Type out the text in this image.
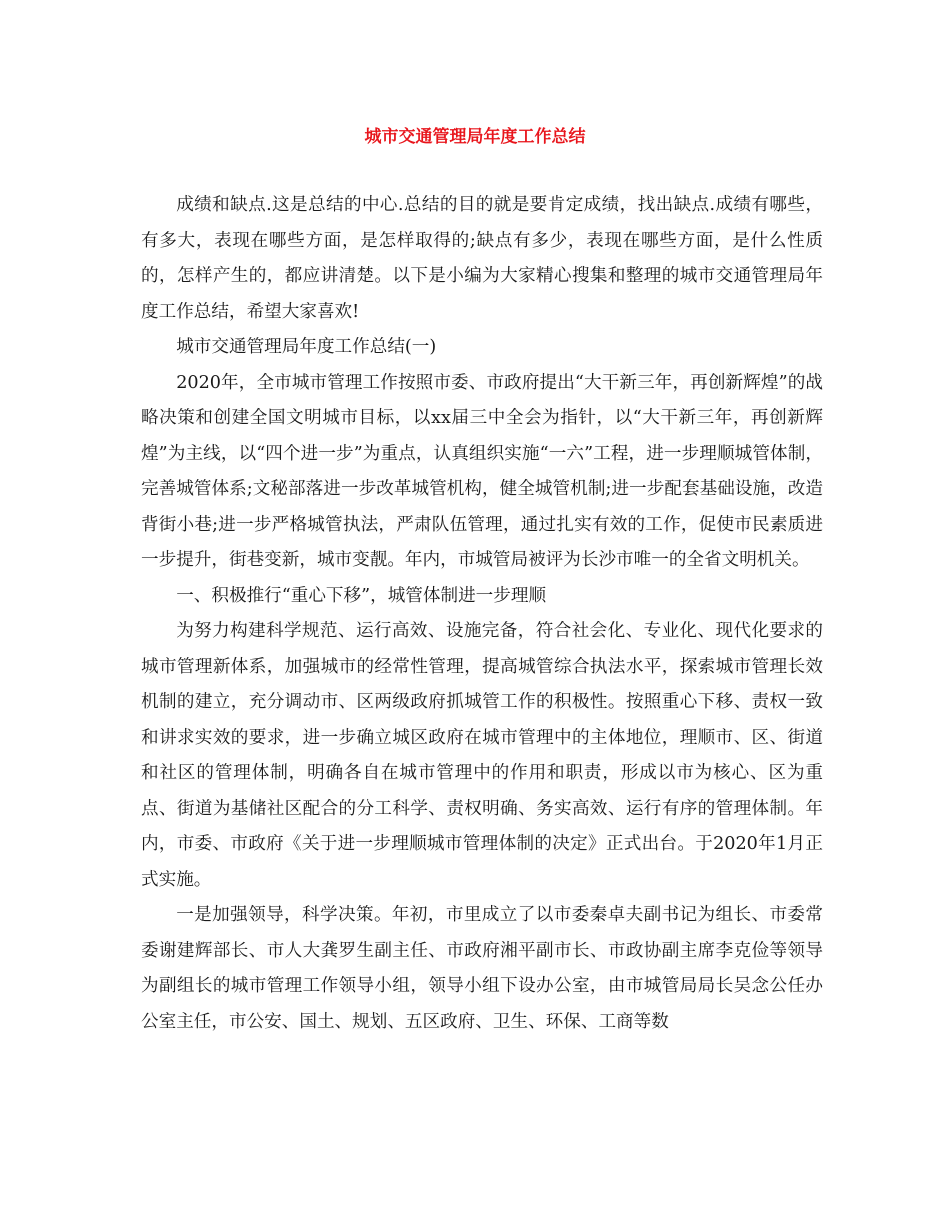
城市交通管理局年度工作总结

成绩和缺点.这是总结的中心.总结的目的就是要肯定成绩，找出缺点.成绩有哪些，有多大，表现在哪些方面，是怎样取得的;缺点有多少，表现在哪些方面，是什么性质的，怎样产生的，都应讲清楚。以下是小编为大家精心搜集和整理的城市交通管理局年度工作总结，希望大家喜欢!

城市交通管理局年度工作总结(一)

2020年，全市城市管理工作按照市委、市政府提出“大干新三年，再创新辉煌”的战略决策和创建全国文明城市目标，以xx届三中全会为指针，以“大干新三年，再创新辉煌”为主线，以“四个进一步”为重点，认真组织实施“一六”工程，进一步理顺城管体制，完善城管体系;文秘部落进一步改革城管机构，健全城管机制;进一步配套基础设施，改造背街小巷;进一步严格城管执法，严肃队伍管理，通过扎实有效的工作，促使市民素质进一步提升，街巷变新，城市变靓。年内，市城管局被评为长沙市唯一的全省文明机关。

一、积极推行“重心下移”，城管体制进一步理顺

为努力构建科学规范、运行高效、设施完备，符合社会化、专业化、现代化要求的城市管理新体系，加强城市的经常性管理，提高城管综合执法水平，探索城市管理长效机制的建立，充分调动市、区两级政府抓城管工作的积极性。按照重心下移、责权一致和讲求实效的要求，进一步确立城区政府在城市管理中的主体地位，理顺市、区、街道和社区的管理体制，明确各自在城市管理中的作用和职责，形成以市为核心、区为重点、街道为基储社区配合的分工科学、责权明确、务实高效、运行有序的管理体制。年内，市委、市政府《关于进一步理顺城市管理体制的决定》正式出台。于2020年1月正式实施。

一是加强领导，科学决策。年初，市里成立了以市委秦卓夫副书记为组长、市委常委谢建辉部长、市人大龚罗生副主任、市政府湘平副市长、市政协副主席李克俭等领导为副组长的城市管理工作领导小组，领导小组下设办公室，由市城管局局长吴念公任办公室主任，市公安、国土、规划、五区政府、卫生、环保、工商等数
